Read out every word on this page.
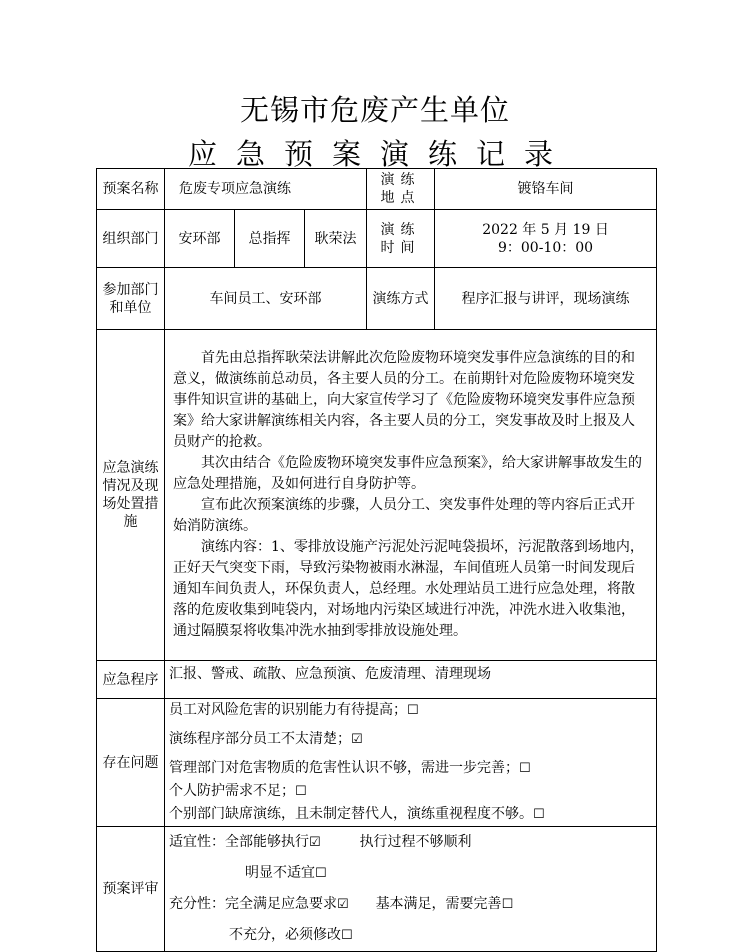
无锡市危废产生单位
应急预案演练记录
预案名称	危废专项应急演练			演练地点	镀铬车间
组织部门	安环部	总指挥	耿荣法	演练时间	2022 年 5 月 19 日
9：00-10：00

参加部门和单位	车间员工、安环部			演练方式	程序汇报与讲评，现场演练
应急演练情况及现场处置措施	首先由总指挥耿荣法讲解此次危险废物环境突发事件应急演练的目的和意义，做演练前总动员，各主要人员的分工。在前期针对危险废物环境突发事件知识宣讲的基础上，向大家宣传学习了《危险废物环境突发事件应急预案》给大家讲解演练相关内容，各主要人员的分工，突发事故及时上报及人员财产的抢救。

其次由结合《危险废物环境突发事件应急预案》，给大家讲解事故发生的应急处理措施，及如何进行自身防护等。

宣布此次预案演练的步骤，人员分工、突发事件处理的等内容后正式开始消防演练。

演练内容：1、零排放设施产污泥处污泥吨袋损坏，污泥散落到场地内，正好天气突变下雨，导致污染物被雨水淋湿，车间值班人员第一时间发现后通知车间负责人，环保负责人，总经理。水处理站员工进行应急处理，将散落的危废收集到吨袋内，对场地内污染区域进行冲洗，冲洗水进入收集池，通过隔膜泵将收集冲洗水抽到零排放设施处理。				

应急程序	汇报、警戒、疏散、应急预演、危废清理、清理现场				
存在问题	员工对风险危害的识别能力有待提高；☐
演练程序部分员工不太清楚；☑
管理部门对危害物质的危害性认识不够，需进一步完善；☐
个人防护需求不足；☐
个别部门缺席演练，且未制定替代人，演练重视程度不够。☐				

预案评审	适宜性：全部能够执行☑ 执行过程不够顺利
明显不适宜☐
充分性：完全满足应急要求☑ 基本满足，需要完善☐
不充分，必须修改☐				
